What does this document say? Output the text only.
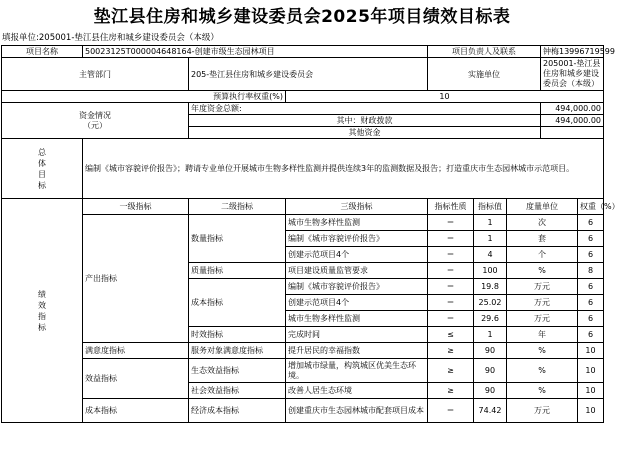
垫江县住房和城乡建设委员会2025年项目绩效目标表
填报单位:205001-垫江县住房和城乡建设委员会（本级）
项目名称	50023125T000004648164-创建市级生态园林项目			项目负责人及联系			钟梅13996719599	
主管部门		205-垫江县住房和城乡建设委员会		实施单位			205001-垫江县住房和城乡建设委员会（本级）	
预算执行率权重(%)			10					

资金情况（元）		年度资金总额:					494,000.00	
		其中：财政拨款					494,000.00	
		其他资金						

总体目标	编制《城市容貌评价报告》；聘请专业单位开展城市生物多样性监测并提供连续3年的监测数据及报告；打造重庆市生态园林城市示范项目。							

绩效指标	一级指标	二级指标	三级指标	指标性质	指标值	度量单位		权重（%）
	产出指标	数量指标	城市生物多样性监测	＝	1	次		6
			编制《城市容貌评价报告》	＝	1	套		6
			创建示范项目4个	＝	4	个		6
		质量指标	项目建设质量监管要求	＝	100	%		8
		成本指标	编制《城市容貌评价报告》	＝	19.8	万元		6
			创建示范项目4个	＝	25.02	万元		6
			城市生物多样性监测	＝	29.6	万元		6
		时效指标	完成时间	≤	1	年		6
	满意度指标	服务对象满意度指标	提升居民的幸福指数	≥	90	%		10
	效益指标	生态效益指标	增加城市绿量，构筑城区优美生态环境。	≥	90	%		10
		社会效益指标	改善人居生态环境	≥	90	%		10
	成本指标	经济成本指标	创建重庆市生态园林城市配套项目成本	＝	74.42	万元		10
